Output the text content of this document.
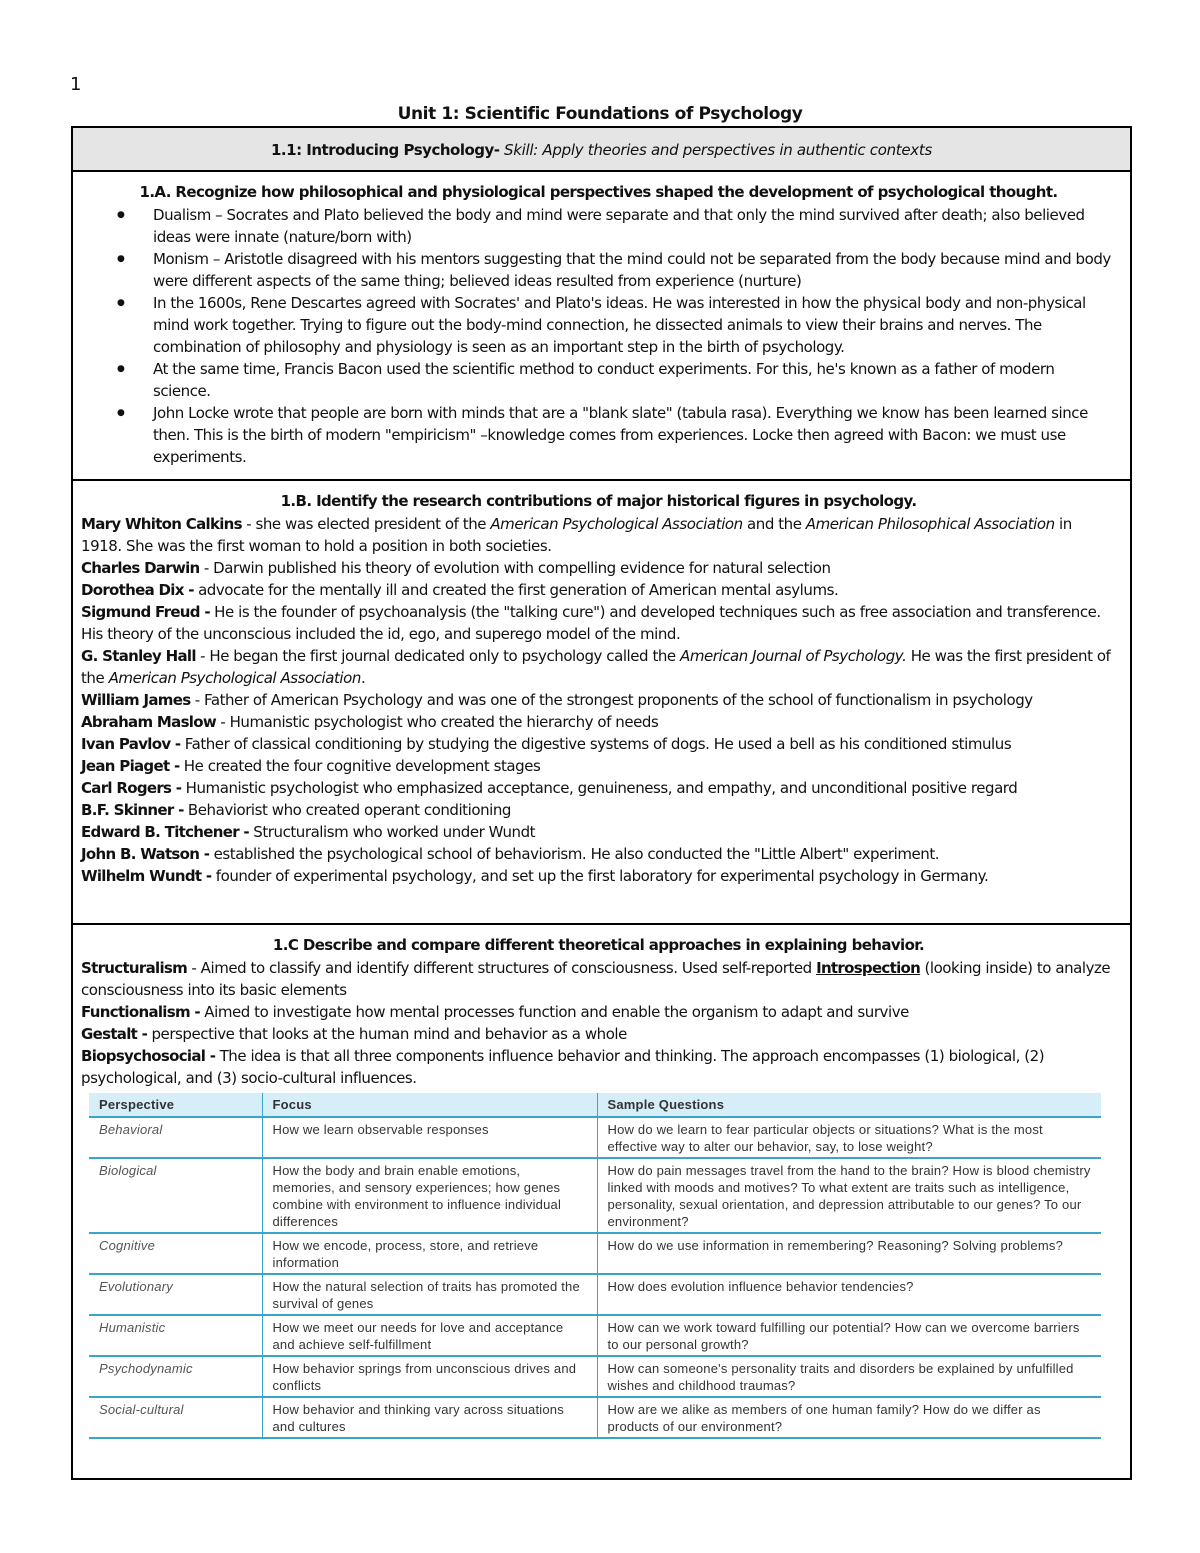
1
Unit 1: Scientific Foundations of Psychology
1.1: Introducing Psychology- Skill: Apply theories and perspectives in authentic contexts
1.A. Recognize how philosophical and physiological perspectives shaped the development of psychological thought.
● Dualism – Socrates and Plato believed the body and mind were separate and that only the mind survived after death; also believed ideas were innate (nature/born with)
● Monism – Aristotle disagreed with his mentors suggesting that the mind could not be separated from the body because mind and body were different aspects of the same thing; believed ideas resulted from experience (nurture)
● In the 1600s, Rene Descartes agreed with Socrates' and Plato's ideas. He was interested in how the physical body and non-physical mind work together. Trying to figure out the body-mind connection, he dissected animals to view their brains and nerves. The combination of philosophy and physiology is seen as an important step in the birth of psychology.
● At the same time, Francis Bacon used the scientific method to conduct experiments. For this, he's known as a father of modern science.
● John Locke wrote that people are born with minds that are a "blank slate" (tabula rasa). Everything we know has been learned since then. This is the birth of modern "empiricism" –knowledge comes from experiences. Locke then agreed with Bacon: we must use experiments.
1.B. Identify the research contributions of major historical figures in psychology.
Mary Whiton Calkins - she was elected president of the American Psychological Association and the American Philosophical Association in 1918. She was the first woman to hold a position in both societies.
Charles Darwin - Darwin published his theory of evolution with compelling evidence for natural selection
Dorothea Dix - advocate for the mentally ill and created the first generation of American mental asylums.
Sigmund Freud - He is the founder of psychoanalysis (the "talking cure") and developed techniques such as free association and transference. His theory of the unconscious included the id, ego, and superego model of the mind.
G. Stanley Hall - He began the first journal dedicated only to psychology called the American Journal of Psychology. He was the first president of the American Psychological Association.
William James - Father of American Psychology and was one of the strongest proponents of the school of functionalism in psychology
Abraham Maslow - Humanistic psychologist who created the hierarchy of needs
Ivan Pavlov - Father of classical conditioning by studying the digestive systems of dogs. He used a bell as his conditioned stimulus
Jean Piaget - He created the four cognitive development stages
Carl Rogers - Humanistic psychologist who emphasized acceptance, genuineness, and empathy, and unconditional positive regard
B.F. Skinner - Behaviorist who created operant conditioning
Edward B. Titchener - Structuralism who worked under Wundt
John B. Watson - established the psychological school of behaviorism. He also conducted the "Little Albert" experiment.
Wilhelm Wundt - founder of experimental psychology, and set up the first laboratory for experimental psychology in Germany.
1.C Describe and compare different theoretical approaches in explaining behavior.
Structuralism - Aimed to classify and identify different structures of consciousness. Used self-reported Introspection (looking inside) to analyze consciousness into its basic elements
Functionalism - Aimed to investigate how mental processes function and enable the organism to adapt and survive
Gestalt - perspective that looks at the human mind and behavior as a whole
Biopsychosocial - The idea is that all three components influence behavior and thinking. The approach encompasses (1) biological, (2) psychological, and (3) socio-cultural influences.
Perspective	Focus	Sample Questions
Behavioral	How we learn observable responses	How do we learn to fear particular objects or situations? What is the most effective way to alter our behavior, say, to lose weight?
Biological	How the body and brain enable emotions, memories, and sensory experiences; how genes combine with environment to influence individual differences	How do pain messages travel from the hand to the brain? How is blood chemistry linked with moods and motives? To what extent are traits such as intelligence, personality, sexual orientation, and depression attributable to our genes? To our environment?
Cognitive	How we encode, process, store, and retrieve information	How do we use information in remembering? Reasoning? Solving problems?
Evolutionary	How the natural selection of traits has promoted the survival of genes	How does evolution influence behavior tendencies?
Humanistic	How we meet our needs for love and acceptance and achieve self-fulfillment	How can we work toward fulfilling our potential? How can we overcome barriers to our personal growth?
Psychodynamic	How behavior springs from unconscious drives and conflicts	How can someone's personality traits and disorders be explained by unfulfilled wishes and childhood traumas?
Social-cultural	How behavior and thinking vary across situations and cultures	How are we alike as members of one human family? How do we differ as products of our environment?
